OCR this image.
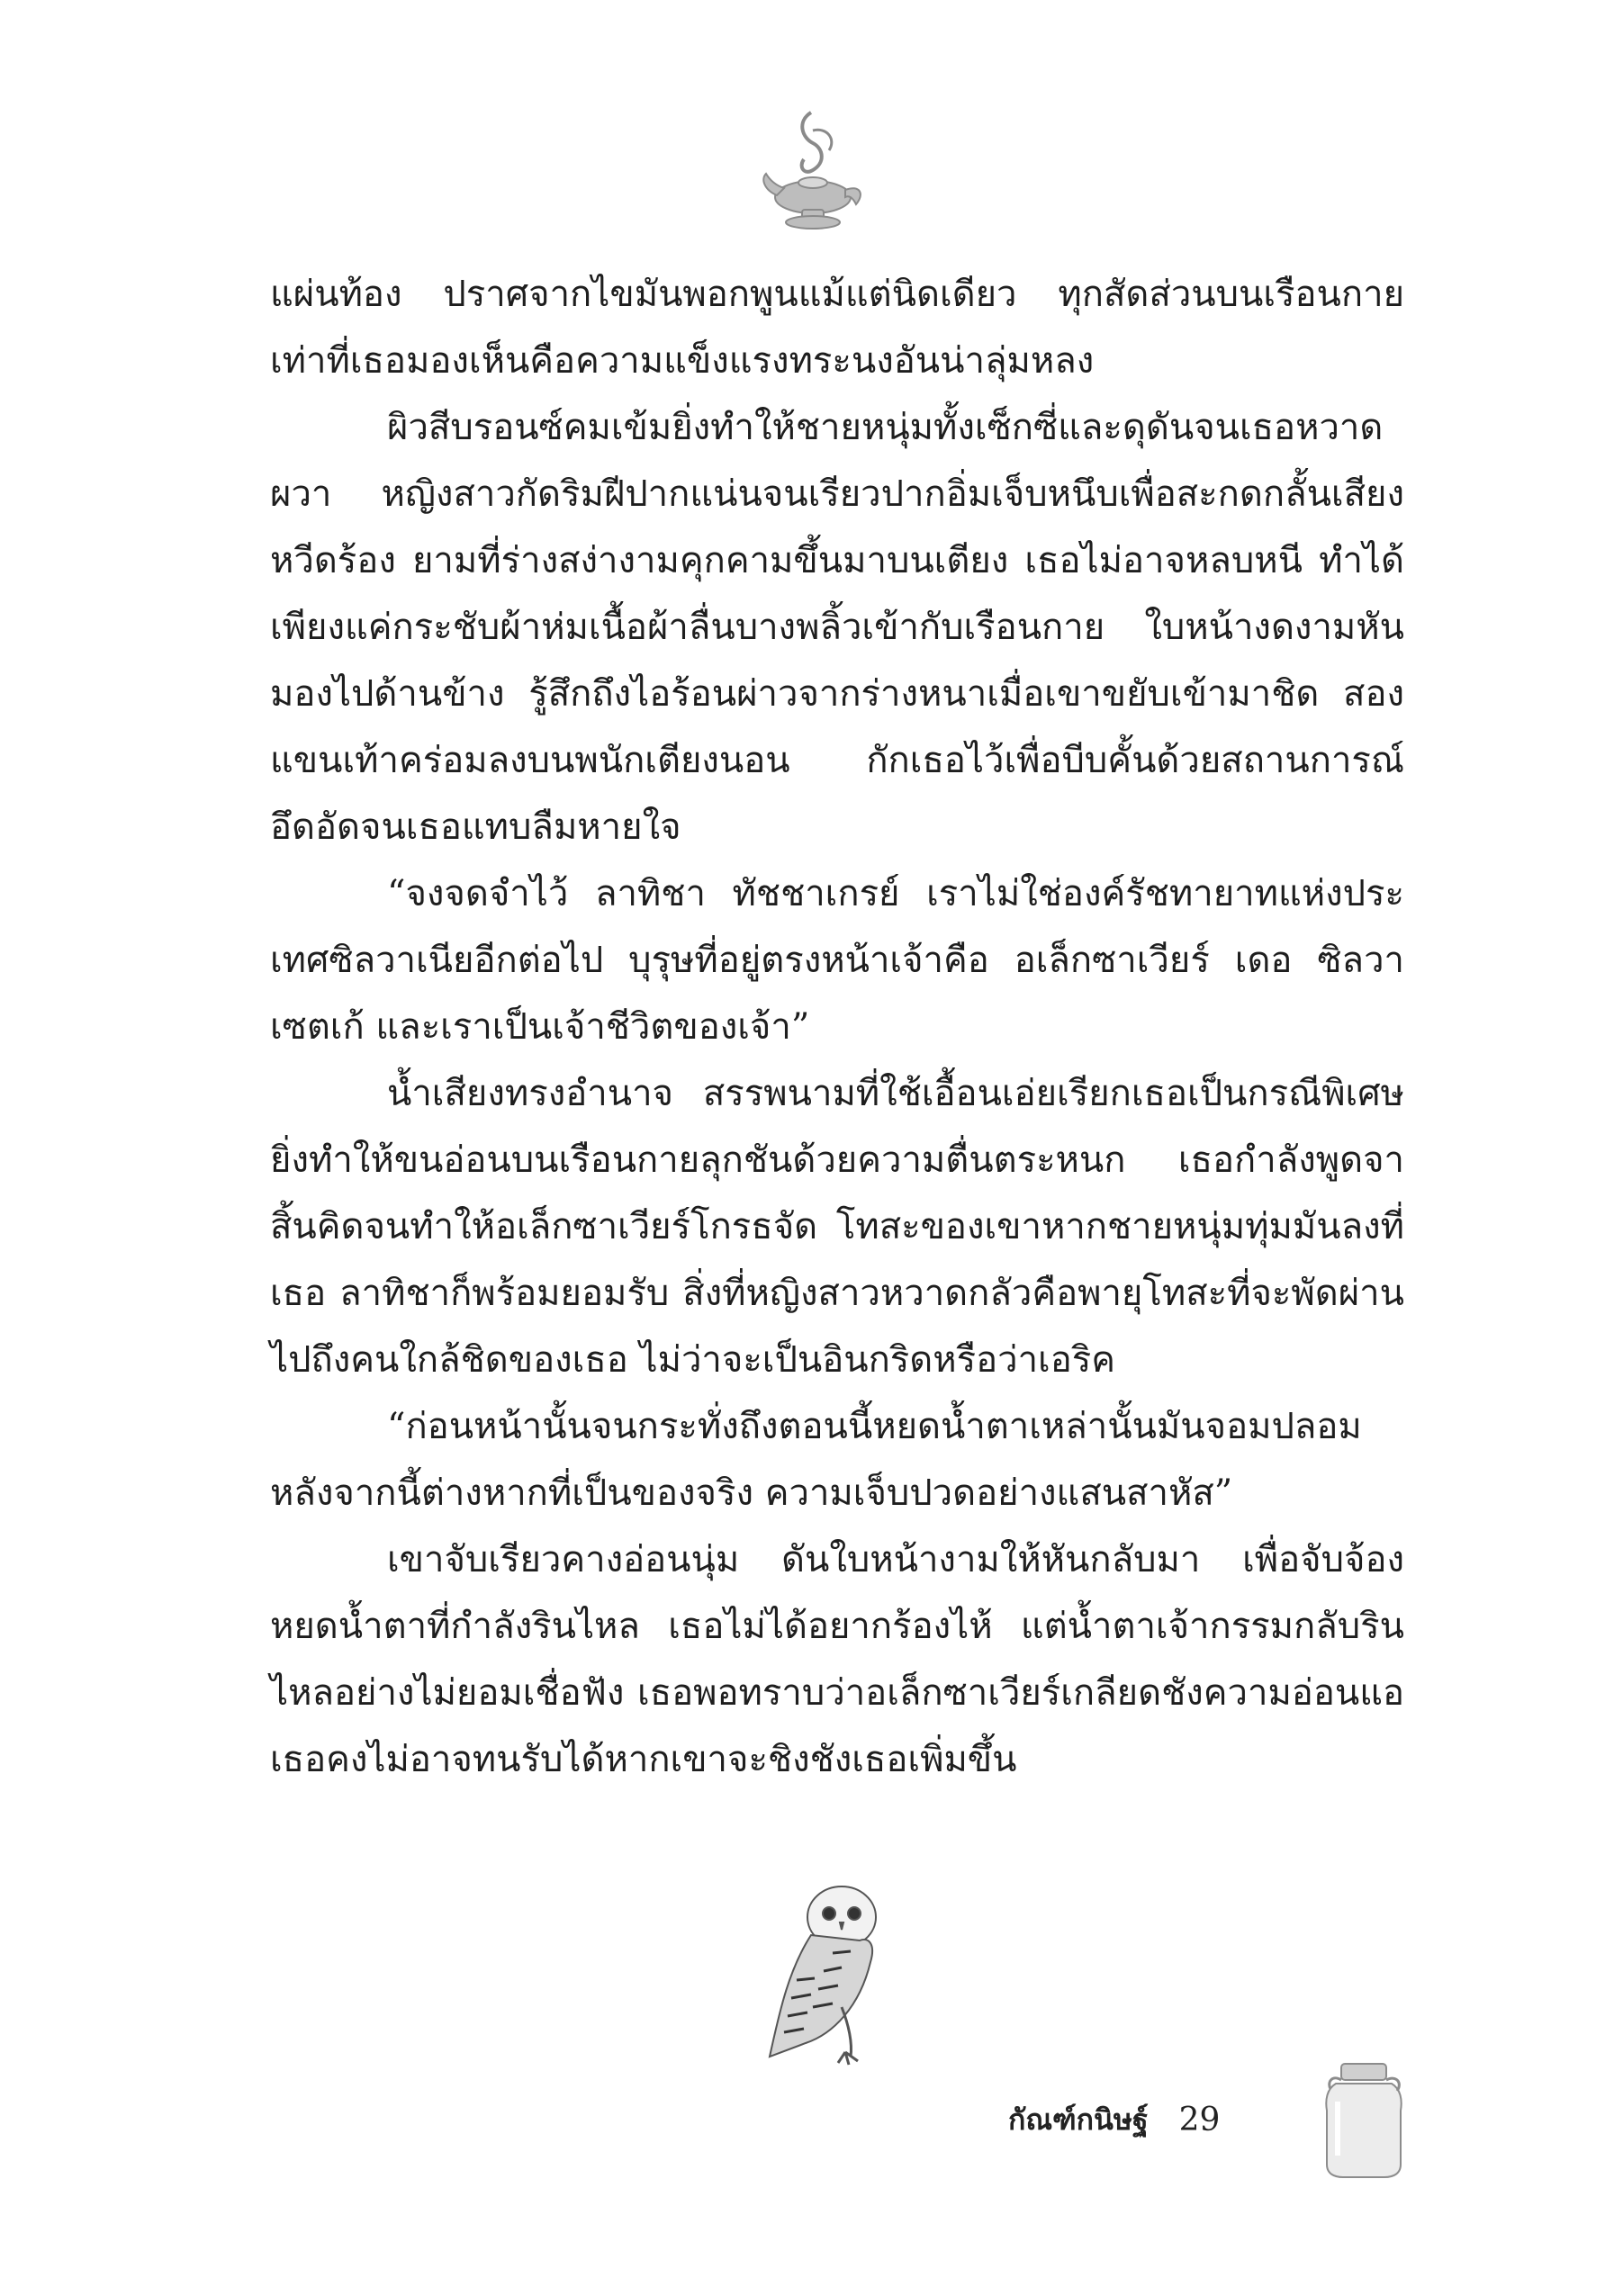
แผ่นท้อง ปราศจากไขมันพอกพูนแม้แต่นิดเดียว ทุกสัดส่วนบนเรือนกาย เท่าที่เธอมองเห็นคือความแข็งแรงทระนงอันน่าลุ่มหลง

ผิวสีบรอนซ์คมเข้มยิ่งทำให้ชายหนุ่มทั้งเซ็กซี่และดุดันจนเธอหวาดผวา หญิงสาวกัดริมฝีปากแน่นจนเรียวปากอิ่มเจ็บหนึบเพื่อสะกดกลั้นเสียงหวีดร้อง ยามที่ร่างสง่างามคุกคามขึ้นมาบนเตียง เธอไม่อาจหลบหนี ทำได้เพียงแค่กระชับผ้าห่มเนื้อผ้าลื่นบางพลิ้วเข้ากับเรือนกาย ใบหน้างดงามหันมองไปด้านข้าง รู้สึกถึงไอร้อนผ่าวจากร่างหนาเมื่อเขาขยับเข้ามาชิด สองแขนเท้าคร่อมลงบนพนักเตียงนอน กักเธอไว้เพื่อบีบคั้นด้วยสถานการณ์อึดอัดจนเธอแทบลืมหายใจ

“จงจดจำไว้ ลาทิชา ทัชชาเกรย์ เราไม่ใช่องค์รัชทายาทแห่งประเทศซิลวาเนียอีกต่อไป บุรุษที่อยู่ตรงหน้าเจ้าคือ อเล็กซาเวียร์ เดอ ซิลวาเซตเก้ และเราเป็นเจ้าชีวิตของเจ้า”

น้ำเสียงทรงอำนาจ สรรพนามที่ใช้เอื้อนเอ่ยเรียกเธอเป็นกรณีพิเศษ ยิ่งทำให้ขนอ่อนบนเรือนกายลุกชันด้วยความตื่นตระหนก เธอกำลังพูดจาสิ้นคิดจนทำให้อเล็กซาเวียร์โกรธจัด โทสะของเขาหากชายหนุ่มทุ่มมันลงที่เธอ ลาทิชาก็พร้อมยอมรับ สิ่งที่หญิงสาวหวาดกลัวคือพายุโทสะที่จะพัดผ่านไปถึงคนใกล้ชิดของเธอ ไม่ว่าจะเป็นอินกริดหรือว่าเอริค

“ก่อนหน้านั้นจนกระทั่งถึงตอนนี้หยดน้ำตาเหล่านั้นมันจอมปลอม หลังจากนี้ต่างหากที่เป็นของจริง ความเจ็บปวดอย่างแสนสาหัส”

เขาจับเรียวคางอ่อนนุ่ม ดันใบหน้างามให้หันกลับมา เพื่อจับจ้องหยดน้ำตาที่กำลังรินไหล เธอไม่ได้อยากร้องไห้ แต่น้ำตาเจ้ากรรมกลับรินไหลอย่างไม่ยอมเชื่อฟัง เธอพอทราบว่าอเล็กซาเวียร์เกลียดชังความอ่อนแอ เธอคงไม่อาจทนรับได้หากเขาจะชิงชังเธอเพิ่มขึ้น

กัณฑ์กนิษฐ์ 29
